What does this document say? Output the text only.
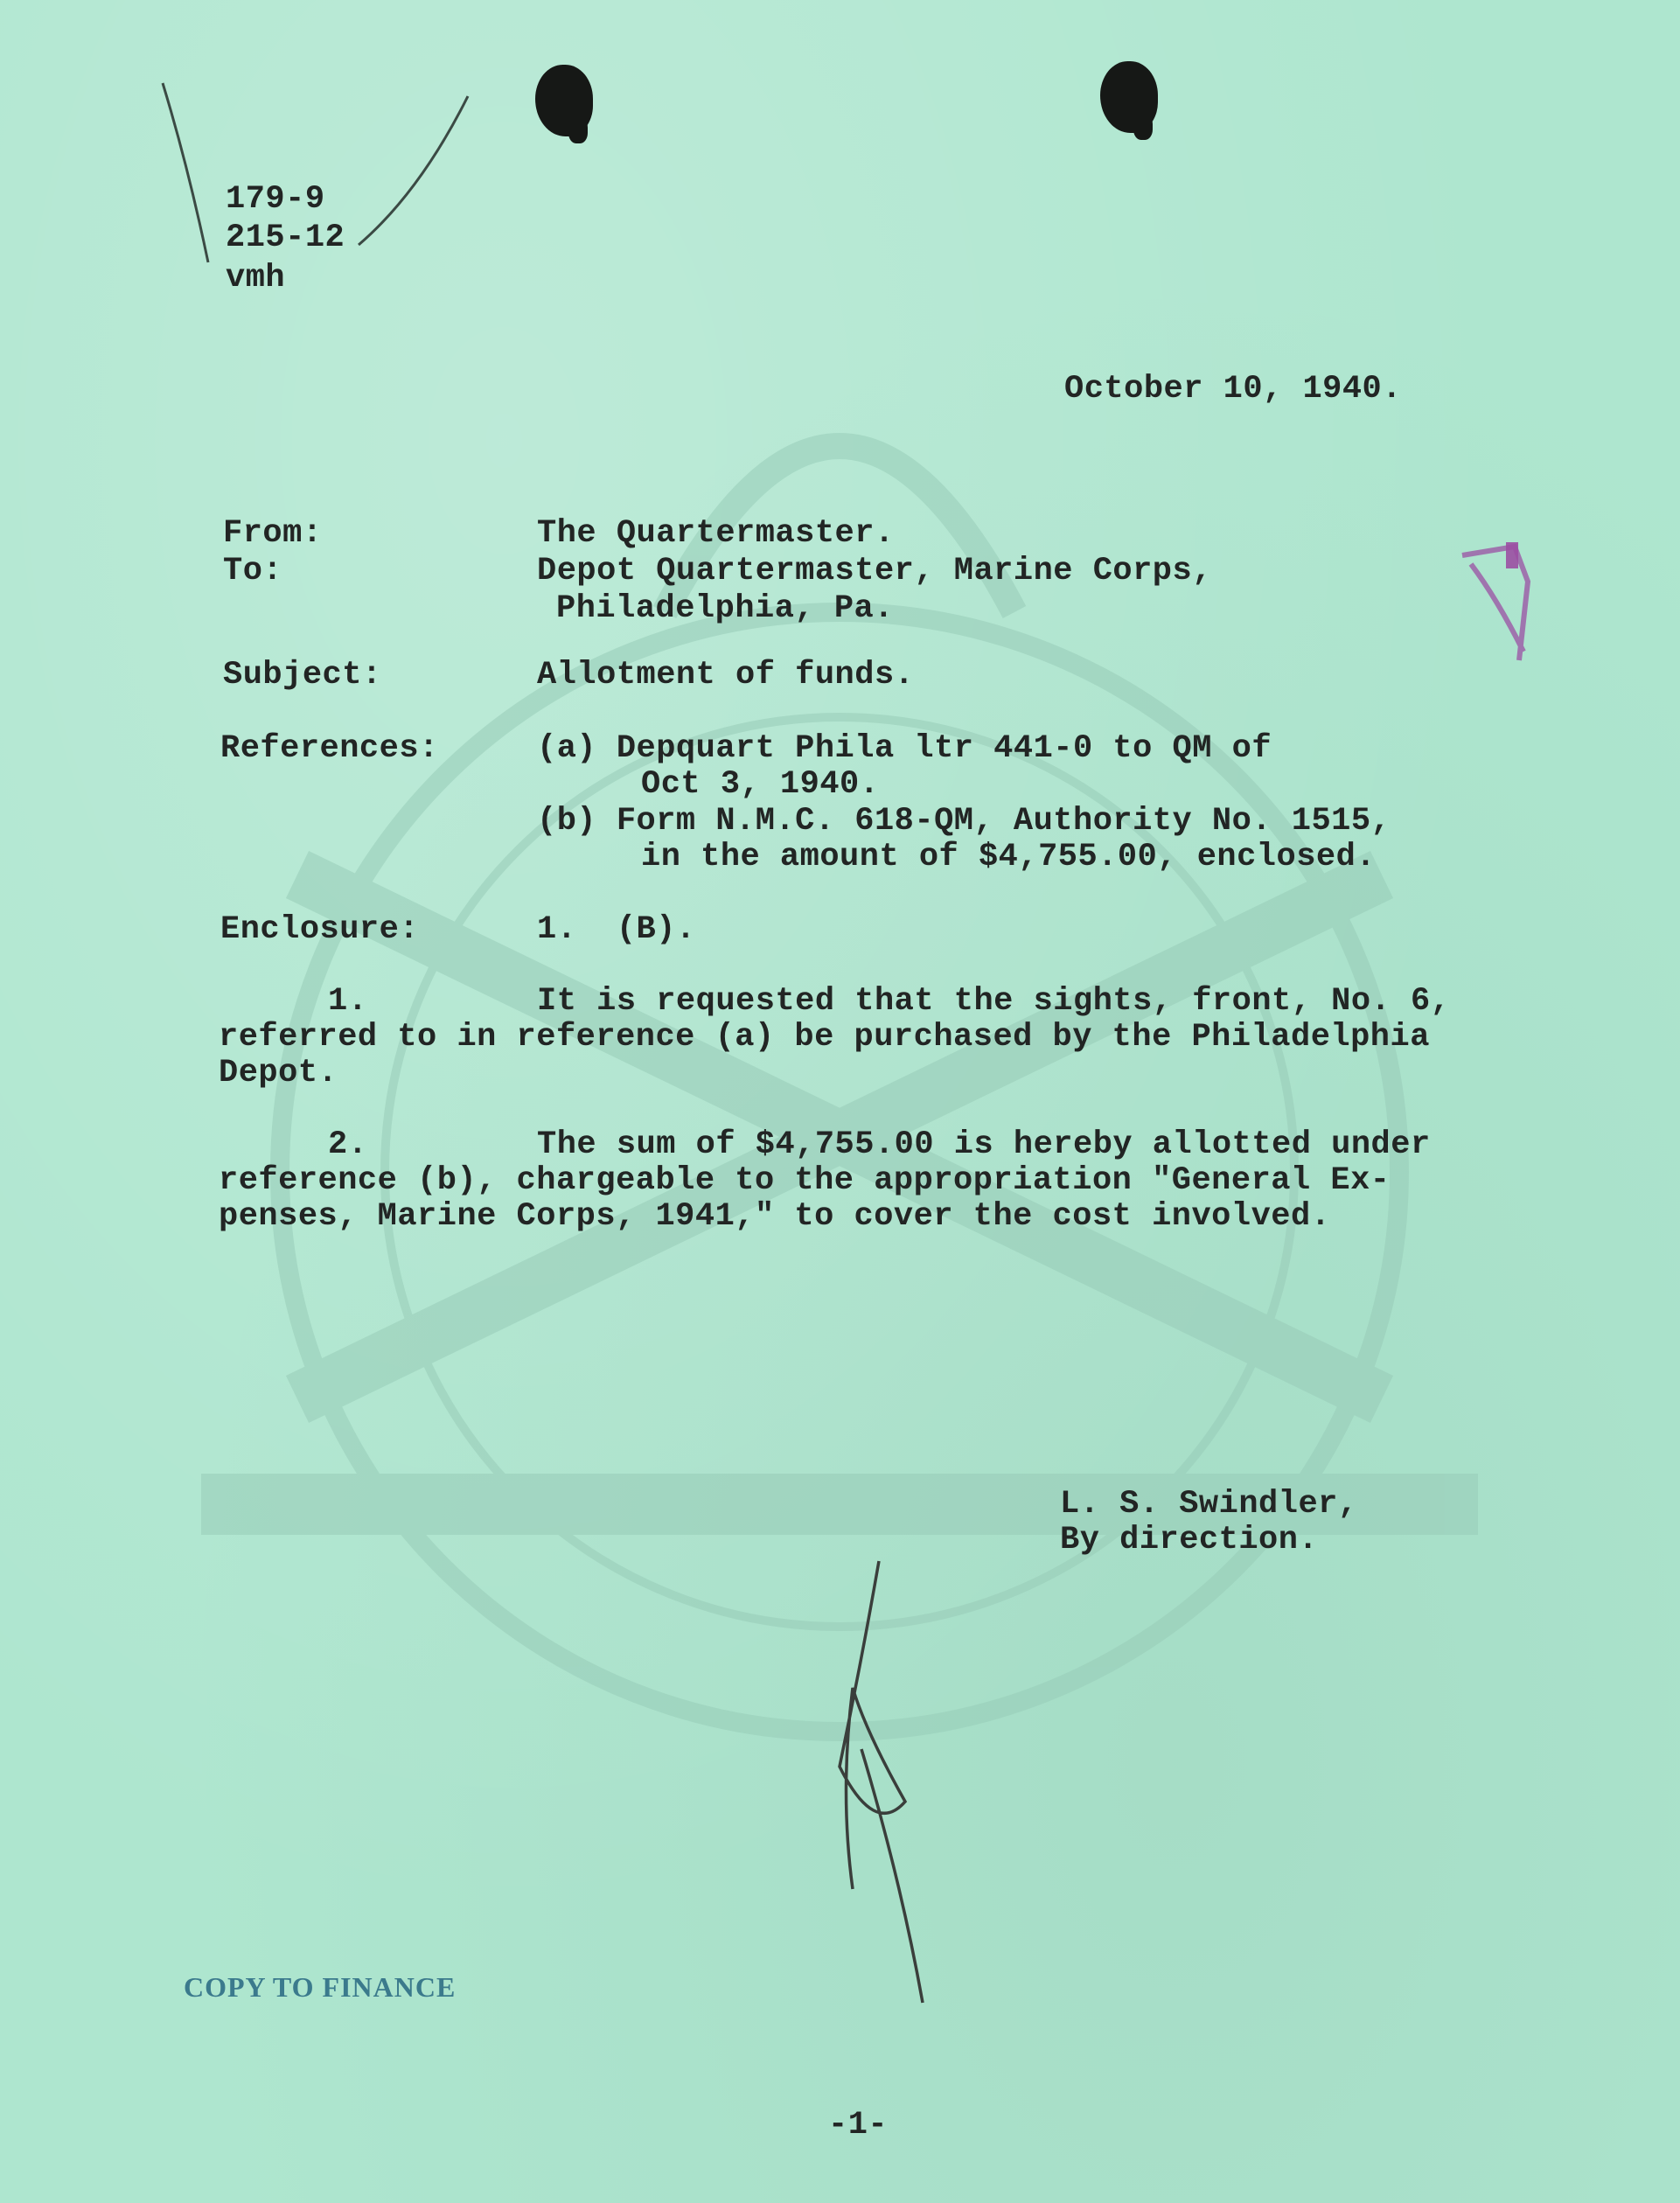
179-9
215-12
vmh
October 10, 1940.
From:	The Quartermaster.
To:	Depot Quartermaster, Marine Corps,
Philadelphia, Pa.
Subject:	Allotment of funds.
References:	(a) Depquart Phila ltr 441-0 to QM of
Oct 3, 1940.
(b) Form N.M.C. 618-QM, Authority No. 1515,
in the amount of $4,755.00, enclosed.
Enclosure:	1.  (B).
1.	It is requested that the sights, front, No. 6,
referred to in reference (a) be purchased by the Philadelphia
Depot.
2.	The sum of $4,755.00 is hereby allotted under
reference (b), chargeable to the appropriation "General Ex-
penses, Marine Corps, 1941," to cover the cost involved.
L. S. Swindler,
By direction.
COPY TO FINANCE
-1-
